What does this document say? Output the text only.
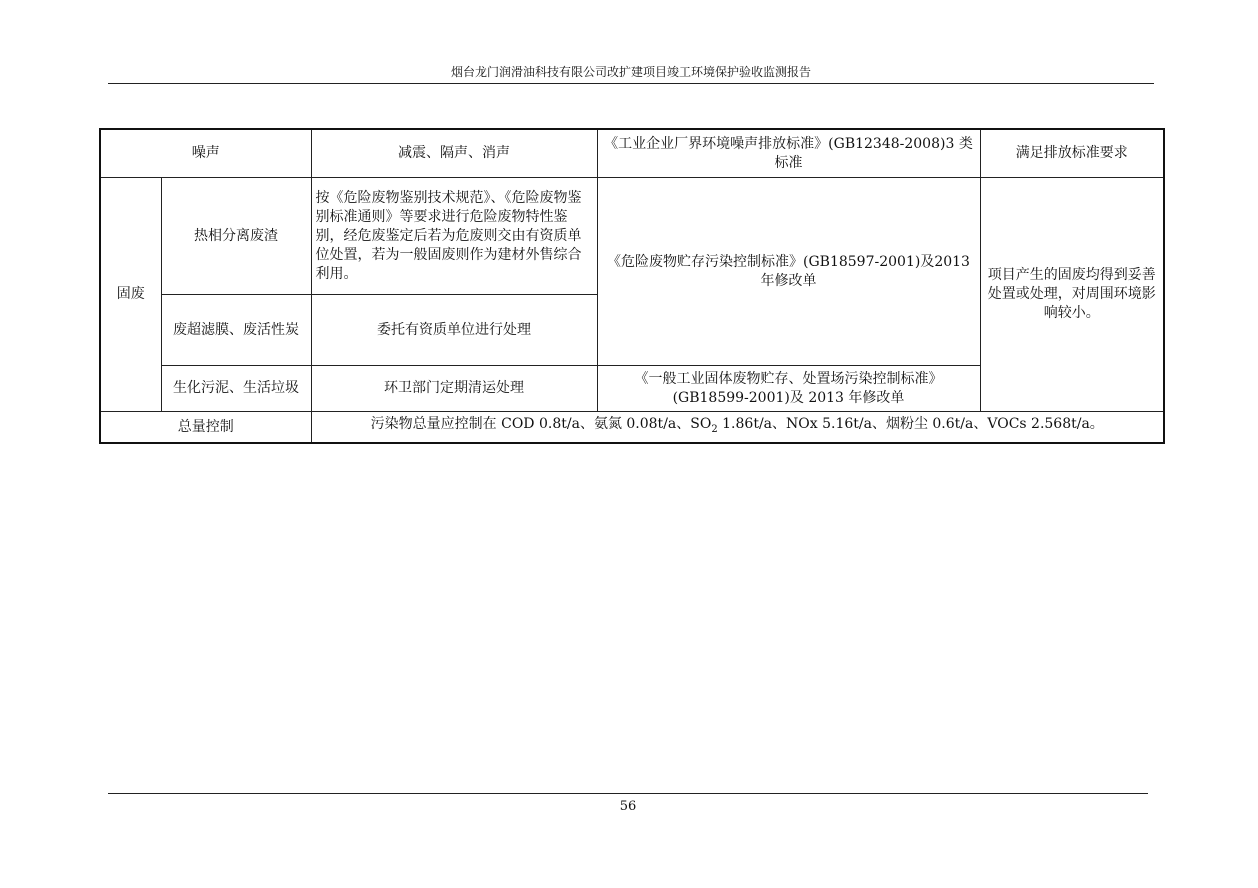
烟台龙门润滑油科技有限公司改扩建项目竣工环境保护验收监测报告
噪声		减震、隔声、消声	《工业企业厂界环境噪声排放标准》(GB12348-2008)3 类标准	满足排放标准要求
固废	热相分离废渣	按《危险废物鉴别技术规范》、《危险废物鉴别标准通则》等要求进行危险废物特性鉴别，经危废鉴定后若为危废则交由有资质单位处置，若为一般固废则作为建材外售综合利用。	《危险废物贮存污染控制标准》(GB18597-2001)及2013 年修改单	项目产生的固废均得到妥善处置或处理，对周围环境影响较小。
	废超滤膜、废活性炭	委托有资质单位进行处理		
	生化污泥、生活垃圾	环卫部门定期清运处理	《一般工业固体废物贮存、处置场污染控制标准》(GB18599-2001)及 2013 年修改单	
总量控制		污染物总量应控制在 COD 0.8t/a、氨氮 0.08t/a、$SO_2$ 1.86t/a、NOx 5.16t/a、烟粉尘 0.6t/a、VOCs 2.568t/a。		
56
